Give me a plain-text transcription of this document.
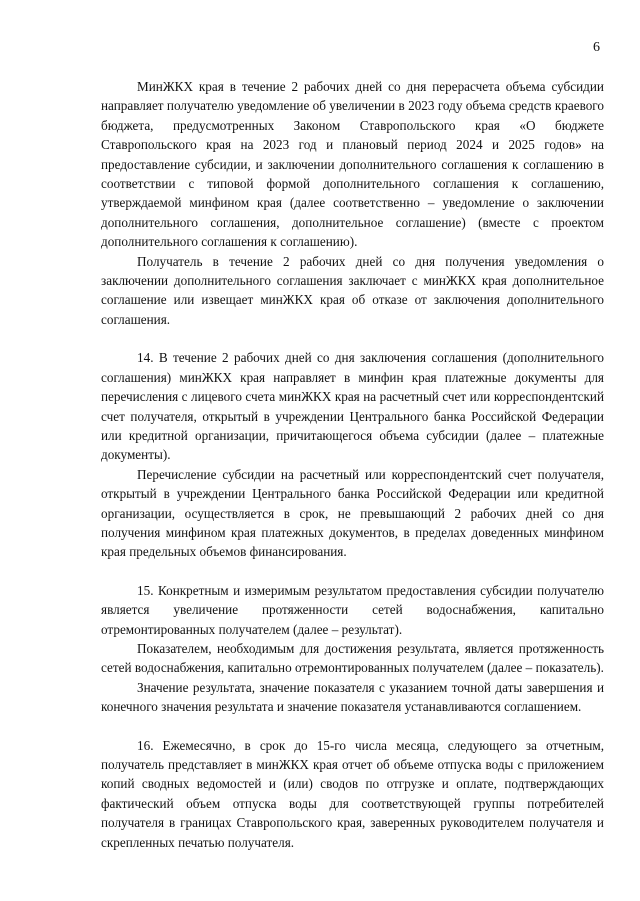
6

МинЖКХ края в течение 2 рабочих дней со дня перерасчета объема субсидии направляет получателю уведомление об увеличении в 2023 году объема средств краевого бюджета, предусмотренных Законом Ставропольского края «О бюджете Ставропольского края на 2023 год и плановый период 2024 и 2025 годов» на предоставление субсидии, и заключении дополнительного соглашения к соглашению в соответствии с типовой формой дополнительного соглашения к соглашению, утверждаемой минфином края (далее соответственно – уведомление о заключении дополнительного соглашения, дополнительное соглашение) (вместе с проектом дополнительного соглашения к соглашению).

Получатель в течение 2 рабочих дней со дня получения уведомления о заключении дополнительного соглашения заключает с минЖКХ края дополнительное соглашение или извещает минЖКХ края об отказе от заключения дополнительного соглашения.

14. В течение 2 рабочих дней со дня заключения соглашения (дополнительного соглашения) минЖКХ края направляет в минфин края платежные документы для перечисления с лицевого счета минЖКХ края на расчетный счет или корреспондентский счет получателя, открытый в учреждении Центрального банка Российской Федерации или кредитной организации, причитающегося объема субсидии (далее – платежные документы).

Перечисление субсидии на расчетный или корреспондентский счет получателя, открытый в учреждении Центрального банка Российской Федерации или кредитной организации, осуществляется в срок, не превышающий 2 рабочих дней со дня получения минфином края платежных документов, в пределах доведенных минфином края предельных объемов финансирования.

15. Конкретным и измеримым результатом предоставления субсидии получателю является увеличение протяженности сетей водоснабжения, капитально отремонтированных получателем (далее – результат).

Показателем, необходимым для достижения результата, является протяженность сетей водоснабжения, капитально отремонтированных получателем (далее – показатель).

Значение результата, значение показателя с указанием точной даты завершения и конечного значения результата и значение показателя устанавливаются соглашением.

16. Ежемесячно, в срок до 15-го числа месяца, следующего за отчетным, получатель представляет в минЖКХ края отчет об объеме отпуска воды с приложением копий сводных ведомостей и (или) сводов по отгрузке и оплате, подтверждающих фактический объем отпуска воды для соответствующей группы потребителей получателя в границах Ставропольского края, заверенных руководителем получателя и скрепленных печатью получателя.
